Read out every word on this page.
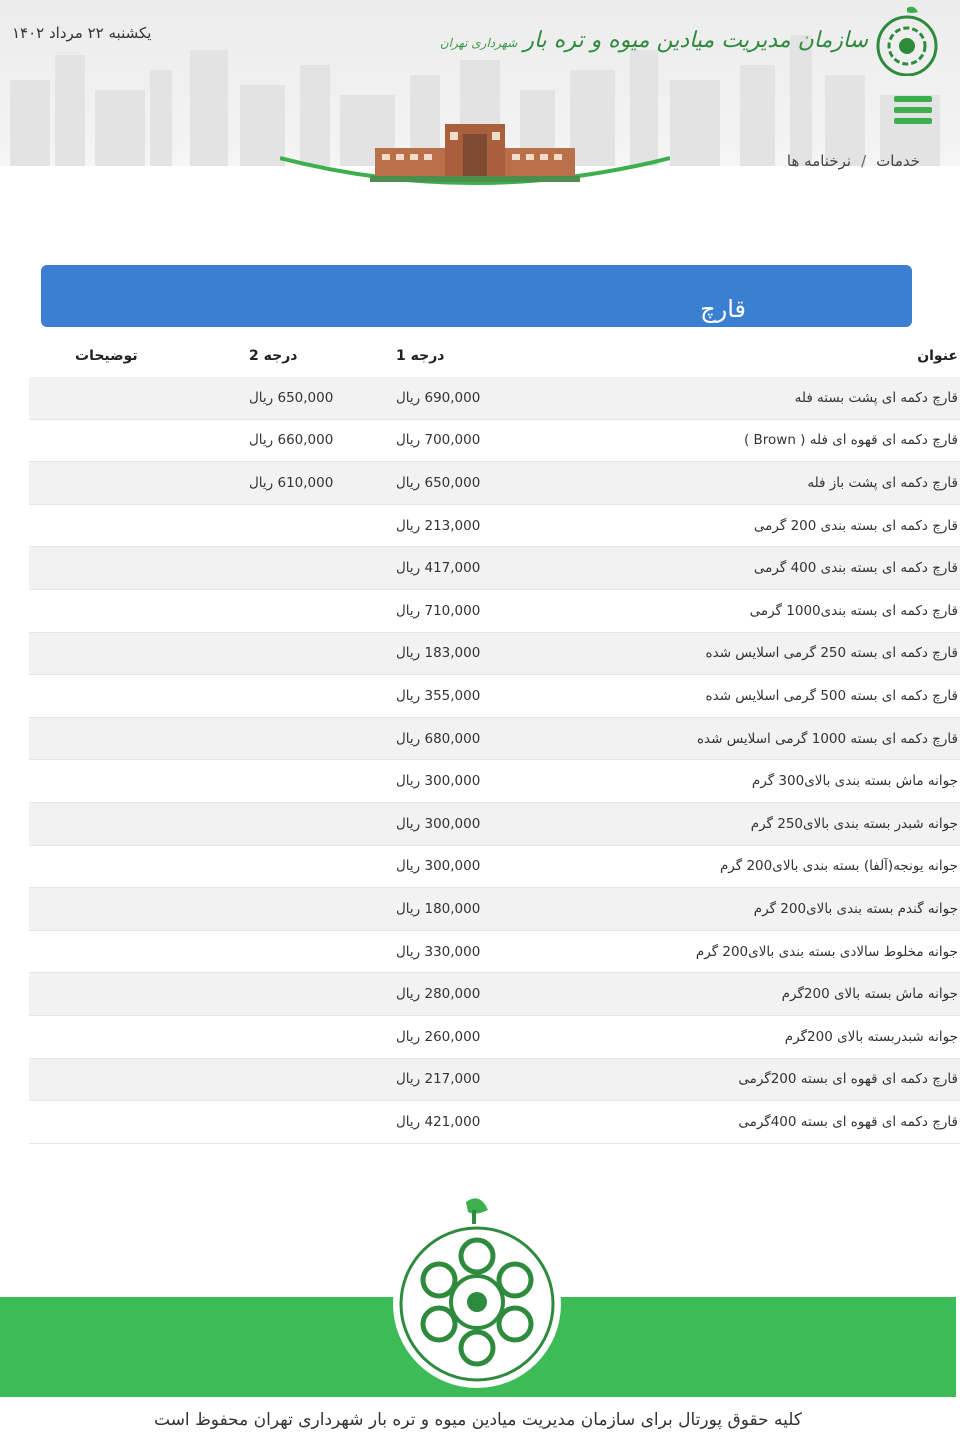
یکشنبه ۲۲ مرداد ۱۴۰۲	سازمان مدیریت میادین میوه و تره بارشهرداری تهران
خدمات/نرخنامه ها
قارچ
عنوان	درجه 1	درجه 2	توضیحات
قارچ دکمه ای پشت بسته فله	690,000 ریال	650,000 ریال	
قارچ دکمه ای قهوه ای فله ( Brown )	700,000 ریال	660,000 ریال	
قارچ دکمه ای پشت باز فله	650,000 ریال	610,000 ریال	
قارچ دکمه ای بسته بندی 200 گرمی	213,000 ریال		
قارچ دکمه ای بسته بندی 400 گرمی	417,000 ریال		
قارچ دکمه ای بسته بندی1000 گرمی	710,000 ریال		
قارچ دکمه ای بسته 250 گرمی اسلایس شده	183,000 ریال		
قارچ دکمه ای بسته 500 گرمی اسلایس شده	355,000 ریال		
قارچ دکمه ای بسته 1000 گرمی اسلایس شده	680,000 ریال		
جوانه ماش بسته بندی بالای300 گرم	300,000 ریال		
جوانه شبدر بسته بندی بالای250 گرم	300,000 ریال		
جوانه یونجه(آلفا) بسته بندی بالای200 گرم	300,000 ریال		
جوانه گندم بسته بندی بالای200 گرم	180,000 ریال		
جوانه مخلوط سالادی بسته بندی بالای200 گرم	330,000 ریال		
جوانه ماش بسته بالای 200گرم	280,000 ریال		
جوانه شبدربسته بالای 200گرم	260,000 ریال		
قارچ دکمه ای قهوه ای بسته 200گرمی	217,000 ریال		
قارچ دکمه ای قهوه ای بسته 400گرمی	421,000 ریال		
کلیه حقوق پورتال برای سازمان مدیریت میادین میوه و تره بار شهرداری تهران محفوظ است
